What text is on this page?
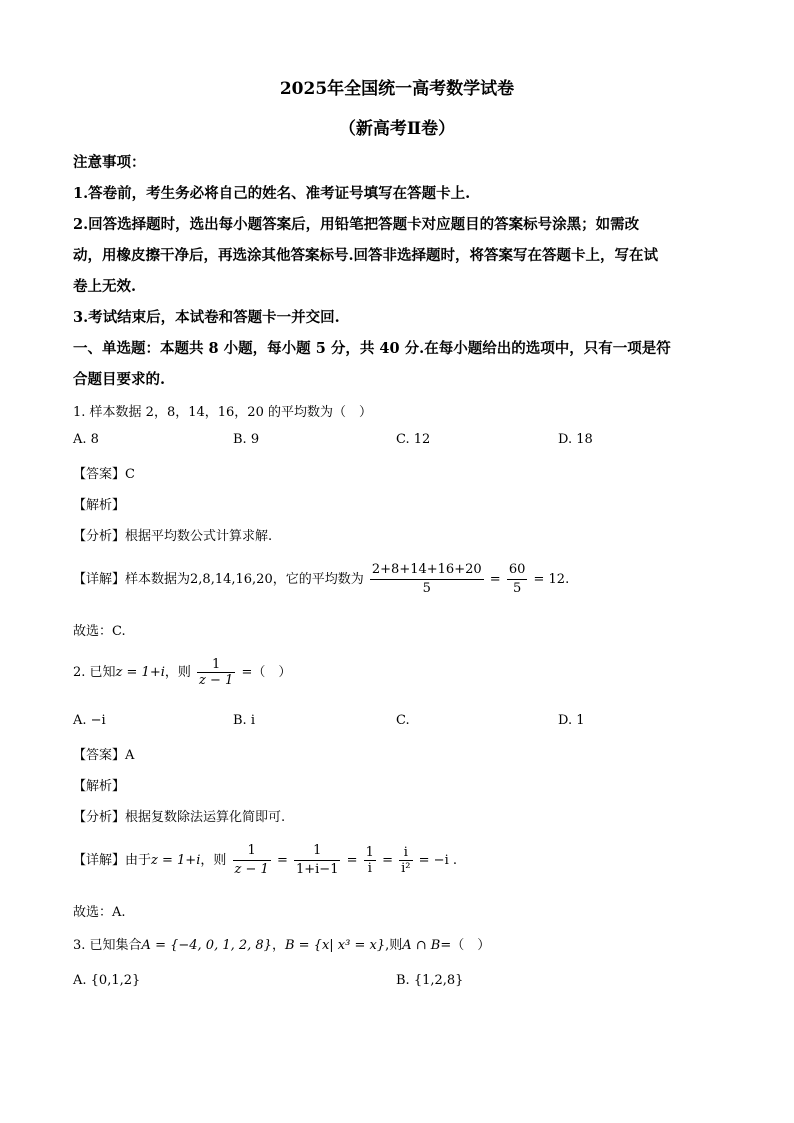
2025年全国统一高考数学试卷
（新高考Ⅱ卷）
注意事项：
1.答卷前，考生务必将自己的姓名、准考证号填写在答题卡上.
2.回答选择题时，选出每小题答案后，用铅笔把答题卡对应题目的答案标号涂黑；如需改
动，用橡皮擦干净后，再选涂其他答案标号.回答非选择题时，将答案写在答题卡上，写在试
卷上无效.
3.考试结束后，本试卷和答题卡一并交回.
一、单选题：本题共 8 小题，每小题 5 分，共 40 分.在每小题给出的选项中，只有一项是符
合题目要求的.
1. 样本数据 2，8，14，16，20 的平均数为（　）
A. 8	B. 9	C. 12	D. 18
【答案】C
【解析】
【分析】根据平均数公式计算求解.
【详解】样本数据为2,8,14,16,20，它的平均数为 $\frac{2+8+14+16+20}{5} = \frac{60}{5} = 12$.
故选：C.
2. 已知z = 1+i，则 $\frac{1}{z - 1}$ =（　）
A. −i	B. i	C.	D. 1
【答案】A
【解析】
【分析】根据复数除法运算化简即可.
【详解】由于z = 1+i，则 $\frac{1}{z - 1} = \frac{1}{1+i-1} = \frac{1}{i} = \frac{i}{\text{i²}} = -i$ .
故选：A.
3. 已知集合A = {−4, 0, 1, 2, 8}，B = {x| x³ = x},则A ∩ B=（　）
A. {0,1,2}	B. {1,2,8}
